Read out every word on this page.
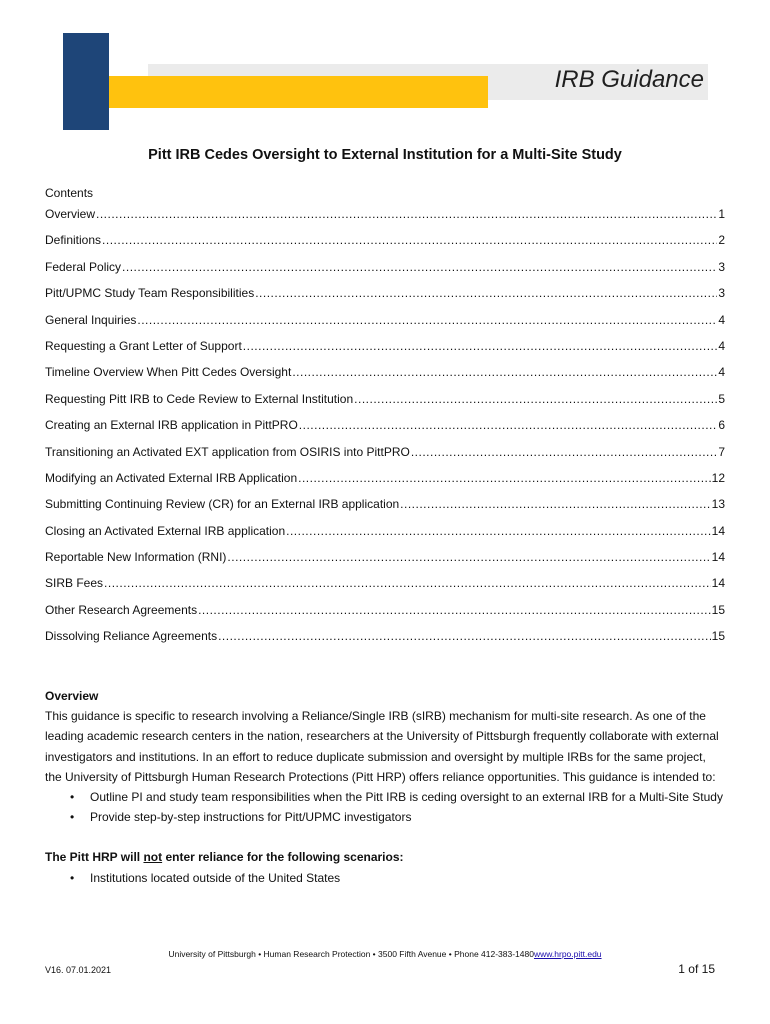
IRB Guidance
Pitt IRB Cedes Oversight to External Institution for a Multi-Site Study
Contents
Overview .....	1
Definitions .....	2
Federal Policy .....	3
Pitt/UPMC Study Team Responsibilities .....	3
General Inquiries .....	4
Requesting a Grant Letter of Support .....	4
Timeline Overview When Pitt Cedes Oversight .....	4
Requesting Pitt IRB to Cede Review to External Institution .....	5
Creating an External IRB application in PittPRO .....	6
Transitioning an Activated EXT application from OSIRIS into PittPRO .....	7
Modifying an Activated External IRB Application .....	12
Submitting Continuing Review (CR) for an External IRB application .....	13
Closing an Activated External IRB application .....	14
Reportable New Information (RNI) .....	14
SIRB Fees .....	14
Other Research Agreements .....	15
Dissolving Reliance Agreements .....	15
Overview

This guidance is specific to research involving a Reliance/Single IRB (sIRB) mechanism for multi-site research. As one of the leading academic research centers in the nation, researchers at the University of Pittsburgh frequently collaborate with external investigators and institutions. In an effort to reduce duplicate submission and oversight by multiple IRBs for the same project, the University of Pittsburgh Human Research Protections (Pitt HRP) offers reliance opportunities. This guidance is intended to:

• Outline PI and study team responsibilities when the Pitt IRB is ceding oversight to an external IRB for a Multi-Site Study
• Provide step-by-step instructions for Pitt/UPMC investigators
The Pitt HRP will not enter reliance for the following scenarios:
• Institutions located outside of the United States
University of Pittsburgh • Human Research Protection • 3500 Fifth Avenue • Phone 412-383-1480www.hrpo.pitt.edu
V16. 07.01.2021	1 of 15
